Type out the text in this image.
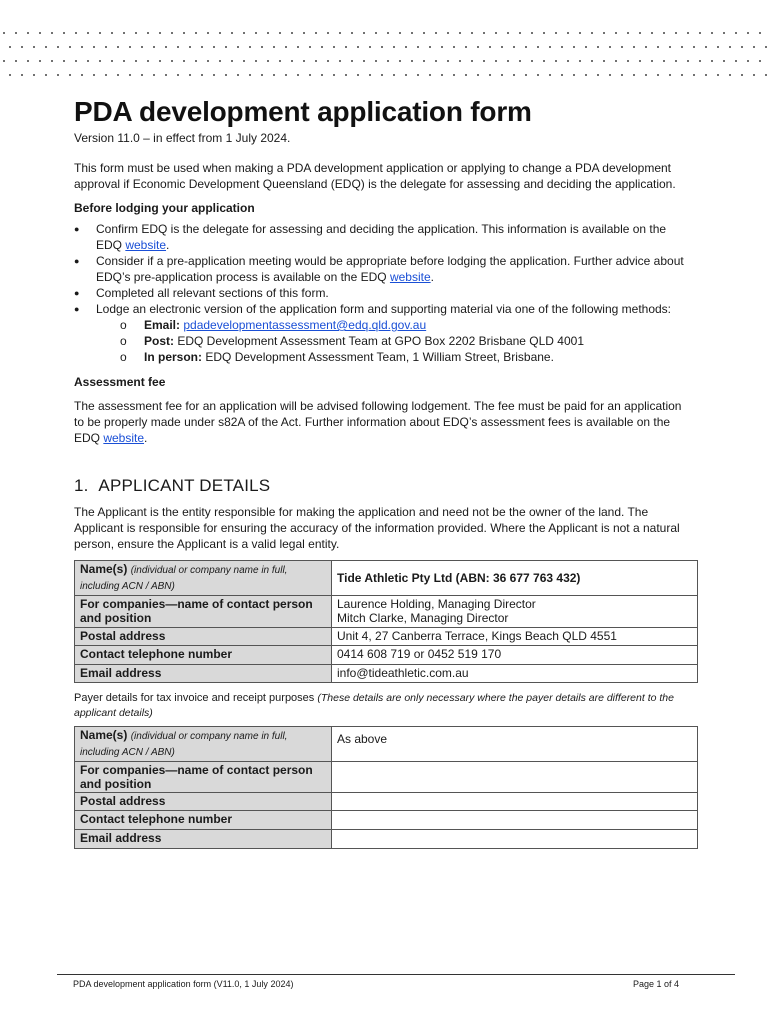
PDA development application form
Version 11.0 – in effect from 1 July 2024.

This form must be used when making a PDA development application or applying to change a PDA development approval if Economic Development Queensland (EDQ) is the delegate for assessing and deciding the application.

Before lodging your application
● Confirm EDQ is the delegate for assessing and deciding the application. This information is available on the EDQ website.
● Consider if a pre-application meeting would be appropriate before lodging the application. Further advice about EDQ’s pre-application process is available on the EDQ website.
● Completed all relevant sections of this form.
● Lodge an electronic version of the application form and supporting material via one of the following methods:
o Email: pdadevelopmentassessment@edq.qld.gov.au
o Post: EDQ Development Assessment Team at GPO Box 2202 Brisbane QLD 4001
o In person: EDQ Development Assessment Team, 1 William Street, Brisbane.
Assessment fee

The assessment fee for an application will be advised following lodgement. The fee must be paid for an application to be properly made under s82A of the Act. Further information about EDQ’s assessment fees is available on the EDQ website.

1.  APPLICANT DETAILS

The Applicant is the entity responsible for making the application and need not be the owner of the land. The Applicant is responsible for ensuring the accuracy of the information provided. Where the Applicant is not a natural person, ensure the Applicant is a valid legal entity.

Name(s) (individual or company name in full, including ACN / ABN)	Tide Athletic Pty Ltd (ABN: 36 677 763 432)
For companies—name of contact person and position	Laurence Holding, Managing Director
Mitch Clarke, Managing Director

Postal address	Unit 4, 27 Canberra Terrace, Kings Beach QLD 4551
Contact telephone number	0414 608 719 or 0452 519 170
Email address	info@tideathletic.com.au

Payer details for tax invoice and receipt purposes (These details are only necessary where the payer details are different to the applicant details)

Name(s) (individual or company name in full, including ACN / ABN)	As above
For companies—name of contact person and position	
Postal address	
Contact telephone number	
Email address	
PDA development application form (V11.0, 1 July 2024)	Page 1 of 4
